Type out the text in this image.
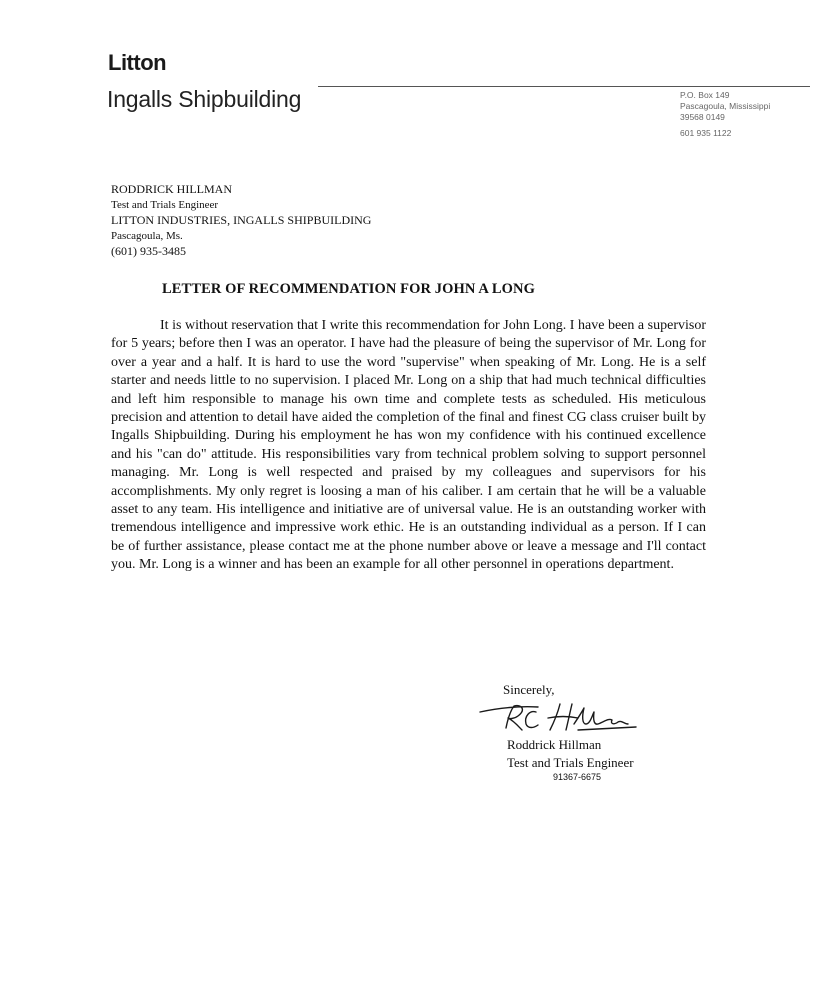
Litton
Ingalls Shipbuilding	P.O. Box 149
Pascagoula, Mississippi
39568 0149
601 935 1122
RODDRICK HILLMAN
Test and Trials Engineer
LITTON INDUSTRIES, INGALLS SHIPBUILDING
Pascagoula, Ms.
(601) 935-3485
LETTER OF RECOMMENDATION FOR JOHN A LONG
It is without reservation that I write this recommendation for John Long. I have been a supervisor for 5 years; before then I was an operator. I have had the pleasure of being the supervisor of Mr. Long for over a year and a half. It is hard to use the word "supervise" when speaking of Mr. Long. He is a self starter and needs little to no supervision. I placed Mr. Long on a ship that had much technical difficulties and left him responsible to manage his own time and complete tests as scheduled. His meticulous precision and attention to detail have aided the completion of the final and finest CG class cruiser built by Ingalls Shipbuilding. During his employment he has won my confidence with his continued excellence and his "can do" attitude. His responsibilities vary from technical problem solving to support personnel managing. Mr. Long is well respected and praised by my colleagues and supervisors for his accomplishments. My only regret is loosing a man of his caliber. I am certain that he will be a valuable asset to any team. His intelligence and initiative are of universal value. He is an outstanding worker with tremendous intelligence and impressive work ethic. He is an outstanding individual as a person. If I can be of further assistance, please contact me at the phone number above or leave a message and I'll contact you. Mr. Long is a winner and has been an example for all other personnel in operations department.
Sincerely,
Roddrick Hillman
Test and Trials Engineer
91367-6675
